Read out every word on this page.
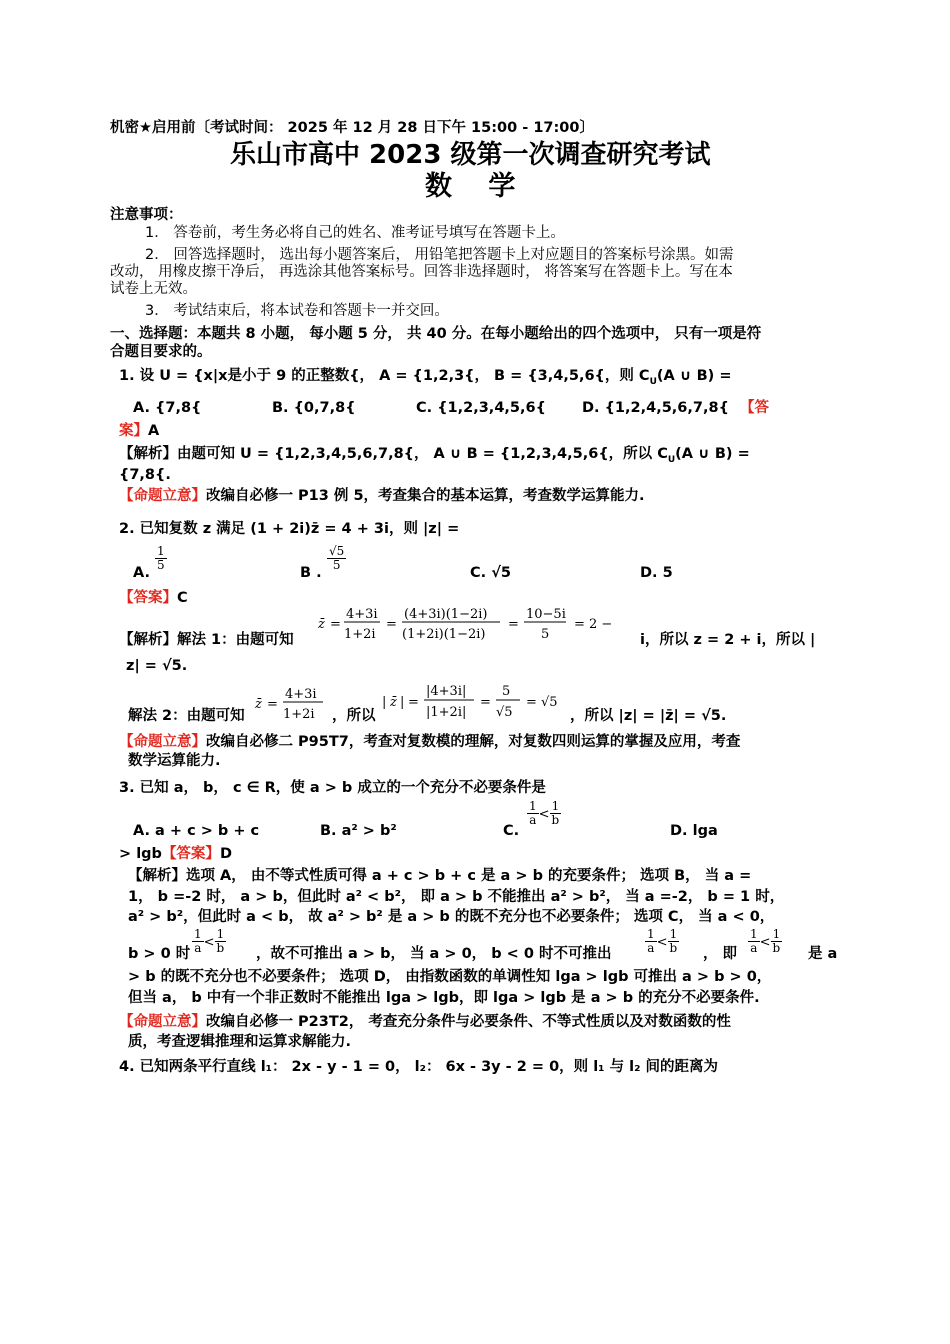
机密★启用前〔考试时间： 2025 年 12 月 28 日下午 15:00 - 17:00〕
乐山市高中 2023 级第一次调查研究考试
数　 学
注意事项：
1． 答卷前，考生务必将自己的姓名、准考证号填写在答题卡上。
2． 回答选择题时， 选出每小题答案后， 用铅笔把答题卡上对应题目的答案标号涂黑。如需
改动， 用橡皮擦干净后， 再选涂其他答案标号。回答非选择题时， 将答案写在答题卡上。写在本
试卷上无效。
3． 考试结束后，将本试卷和答题卡一并交回。
一、选择题：本题共 8 小题， 每小题 5 分， 共 40 分。在每小题给出的四个选项中， 只有一项是符
合题目要求的。
1. 设 U = {x|x是小于 9 的正整数{， A = {1,2,3{， B = {3,4,5,6{，则 $C_U(A$ ∪ B) =
A. {7,8{	B. {0,7,8{	C. {1,2,3,4,5,6{ D. {1,2,4,5,6,7,8{ 【答
案】A
【解析】由题可知 U = {1,2,3,4,5,6,7,8{， A ∪ B = {1,2,3,4,5,6{，所以 $C_U(A$ ∪ B) =
{7,8{.
【命题立意】改编自必修一 P13 例 5，考查集合的基本运算，考查数学运算能力.
2. 已知复数 z 满足 (1 + 2i)z̄ = 4 + 3i，则 |z| =
A.
$\frac{1}{5}$
B .
$\frac{√5}{5}$
C. √5	D. 5
【答案】C
【解析】解法 1：由题可知
z̄ =
4+3i
1+2i
=
(4+3i)(1−2i)
(1+2i)(1−2i)
=
10−5i
5
= 2 −
i，所以 z = 2 + i，所以 |
z| = √5.
解法 2：由题可知
z̄ =
4+3i
1+2i ，所以
| z̄ | =
|4+3i|
|1+2i|
=
5
√5
= √5
，所以 |z| = |z̄| = √5.
【命题立意】改编自必修二 P95T7，考查对复数模的理解，对复数四则运算的掌握及应用，考查
数学运算能力.
3. 已知 a， b， c ∈ R，使 a > b 成立的一个充分不必要条件是
A. a + c > b + c	B. a² > b²	C.
$\frac{1}{a} < \frac{1}{b}$
D. lga
> lgb【答案】D
【解析】选项 A， 由不等式性质可得 a + c > b + c 是 a > b 的充要条件； 选项 B， 当 a =
1， b =-2 时， a > b，但此时 a² < b²， 即 a > b 不能推出 a² > b²， 当 a =-2， b = 1 时，
a² > b²，但此时 a < b， 故 a² > b² 是 a > b 的既不充分也不必要条件； 选项 C， 当 a < 0，
b > 0 时 $\frac{1}{a} < \frac{1}{b}$ ，故不可推出 a > b， 当 a > 0， b < 0 时不可推出	$\frac{1}{a} < \frac{1}{b}$ ， 即 $\frac{1}{a} < \frac{1}{b}$ 是 a
> b 的既不充分也不必要条件； 选项 D， 由指数函数的单调性知 lga > lgb 可推出 a > b > 0，
但当 a， b 中有一个非正数时不能推出 lga > lgb，即 lga > lgb 是 a > b 的充分不必要条件.
【命题立意】改编自必修一 P23T2， 考查充分条件与必要条件、不等式性质以及对数函数的性
质，考查逻辑推理和运算求解能力.
4. 已知两条平行直线 l₁： 2x - y - 1 = 0， l₂： 6x - 3y - 2 = 0，则 l₁ 与 l₂ 间的距离为
